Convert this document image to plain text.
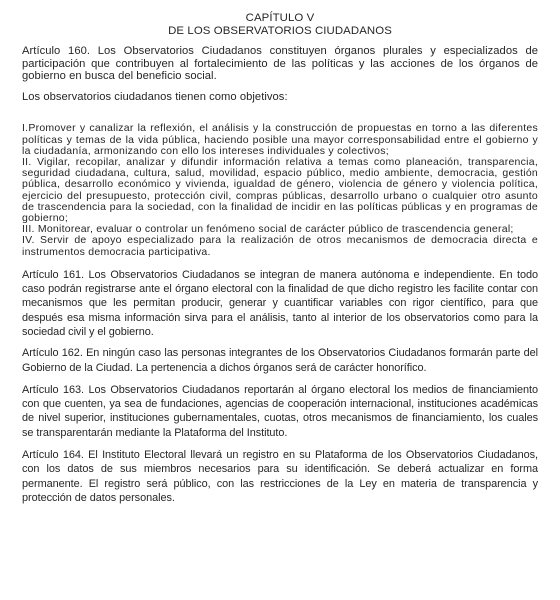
CAPÍTULO V
DE LOS OBSERVATORIOS CIUDADANOS

Artículo 160. Los Observatorios Ciudadanos constituyen órganos plurales y especializados de participación que contribuyen al fortalecimiento de las políticas y las acciones de los órganos de gobierno en busca del beneficio social.

Los observatorios ciudadanos tienen como objetivos:

I.Promover y canalizar la reflexión, el análisis y la construcción de propuestas en torno a las diferentes políticas y temas de la vida pública, haciendo posible una mayor corresponsabilidad entre el gobierno y la ciudadanía, armonizando con ello los intereses individuales y colectivos;
II. Vigilar, recopilar, analizar y difundir información relativa a temas como planeación, transparencia, seguridad ciudadana, cultura, salud, movilidad, espacio público, medio ambiente, democracia, gestión pública, desarrollo económico y vivienda, igualdad de género, violencia de género y violencia política, ejercicio del presupuesto, protección civil, compras públicas, desarrollo urbano o cualquier otro asunto de trascendencia para la sociedad, con la finalidad de incidir en las políticas públicas y en programas de gobierno;
III. Monitorear, evaluar o controlar un fenómeno social de carácter público de trascendencia general;
IV. Servir de apoyo especializado para la realización de otros mecanismos de democracia directa e instrumentos democracia participativa.

Artículo 161. Los Observatorios Ciudadanos se integran de manera autónoma e independiente. En todo caso podrán registrarse ante el órgano electoral con la finalidad de que dicho registro les facilite contar con mecanismos que les permitan producir, generar y cuantificar variables con rigor científico, para que después esa misma información sirva para el análisis, tanto al interior de los observatorios como para la sociedad civil y el gobierno.

Artículo 162. En ningún caso las personas integrantes de los Observatorios Ciudadanos formarán parte del Gobierno de la Ciudad. La pertenencia a dichos órganos será de carácter honorífico.

Artículo 163. Los Observatorios Ciudadanos reportarán al órgano electoral los medios de financiamiento con que cuenten, ya sea de fundaciones, agencias de cooperación internacional, instituciones académicas de nivel superior, instituciones gubernamentales, cuotas, otros mecanismos de financiamiento, los cuales se transparentarán mediante la Plataforma del Instituto.

Artículo 164. El Instituto Electoral llevará un registro en su Plataforma de los Observatorios Ciudadanos, con los datos de sus miembros necesarios para su identificación. Se deberá actualizar en forma permanente. El registro será público, con las restricciones de la Ley en materia de transparencia y protección de datos personales.
